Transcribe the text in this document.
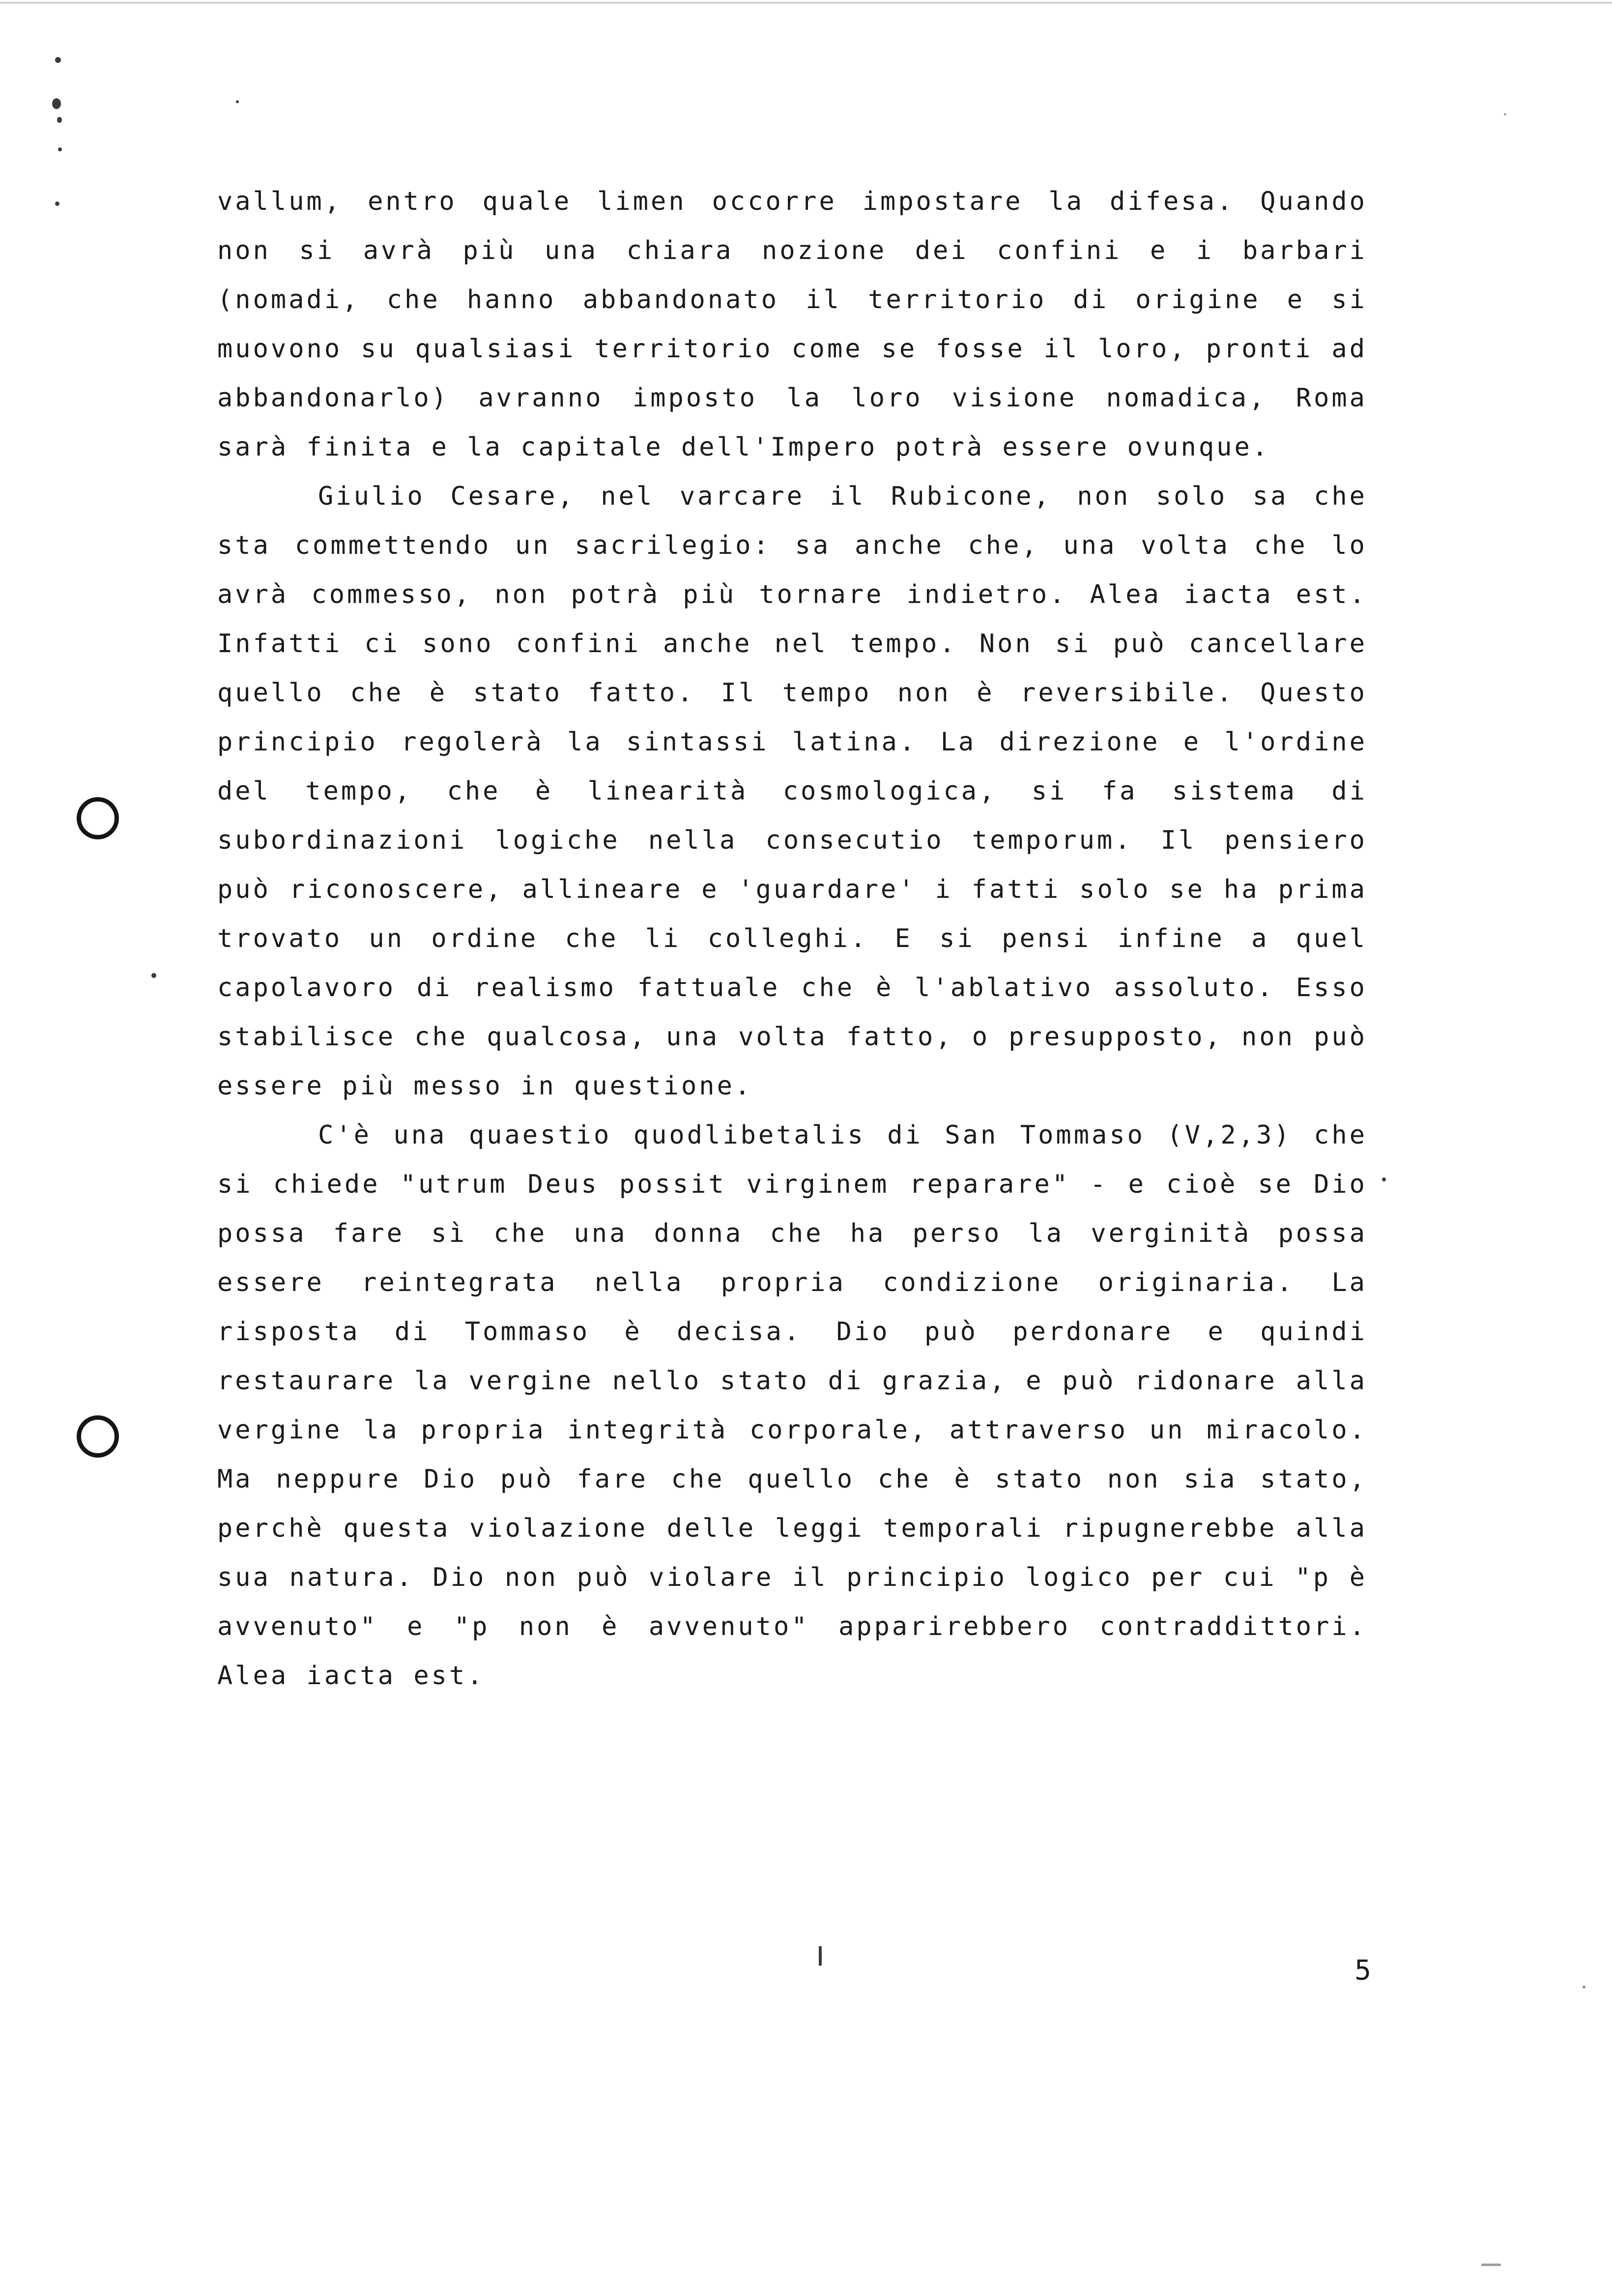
vallum, entro quale limen occorre impostare la difesa. Quando non si avrà più una chiara nozione dei confini e i barbari (nomadi, che hanno abbandonato il territorio di origine e si muovono su qualsiasi territorio come se fosse il loro, pronti ad abbandonarlo) avranno imposto la loro visione nomadica, Roma sarà finita e la capitale dell'Impero potrà essere ovunque.

Giulio Cesare, nel varcare il Rubicone, non solo sa che sta commettendo un sacrilegio: sa anche che, una volta che lo avrà commesso, non potrà più tornare indietro. Alea iacta est. Infatti ci sono confini anche nel tempo. Non si può cancellare quello che è stato fatto. Il tempo non è reversibile. Questo principio regolerà la sintassi latina. La direzione e l'ordine del tempo, che è linearità cosmologica, si fa sistema di subordinazioni logiche nella consecutio temporum. Il pensiero può riconoscere, allineare e 'guardare' i fatti solo se ha prima trovato un ordine che li colleghi. E si pensi infine a quel capolavoro di realismo fattuale che è l'ablativo assoluto. Esso stabilisce che qualcosa, una volta fatto, o presupposto, non può essere più messo in questione.

C'è una quaestio quodlibetalis di San Tommaso (V,2,3) che si chiede "utrum Deus possit virginem reparare" - e cioè se Dio possa fare sì che una donna che ha perso la verginità possa essere reintegrata nella propria condizione originaria. La risposta di Tommaso è decisa. Dio può perdonare e quindi restaurare la vergine nello stato di grazia, e può ridonare alla vergine la propria integrità corporale, attraverso un miracolo. Ma neppure Dio può fare che quello che è stato non sia stato, perchè questa violazione delle leggi temporali ripugnerebbe alla sua natura. Dio non può violare il principio logico per cui "p è avvenuto" e "p non è avvenuto" apparirebbero contraddittori. Alea iacta est.

5
